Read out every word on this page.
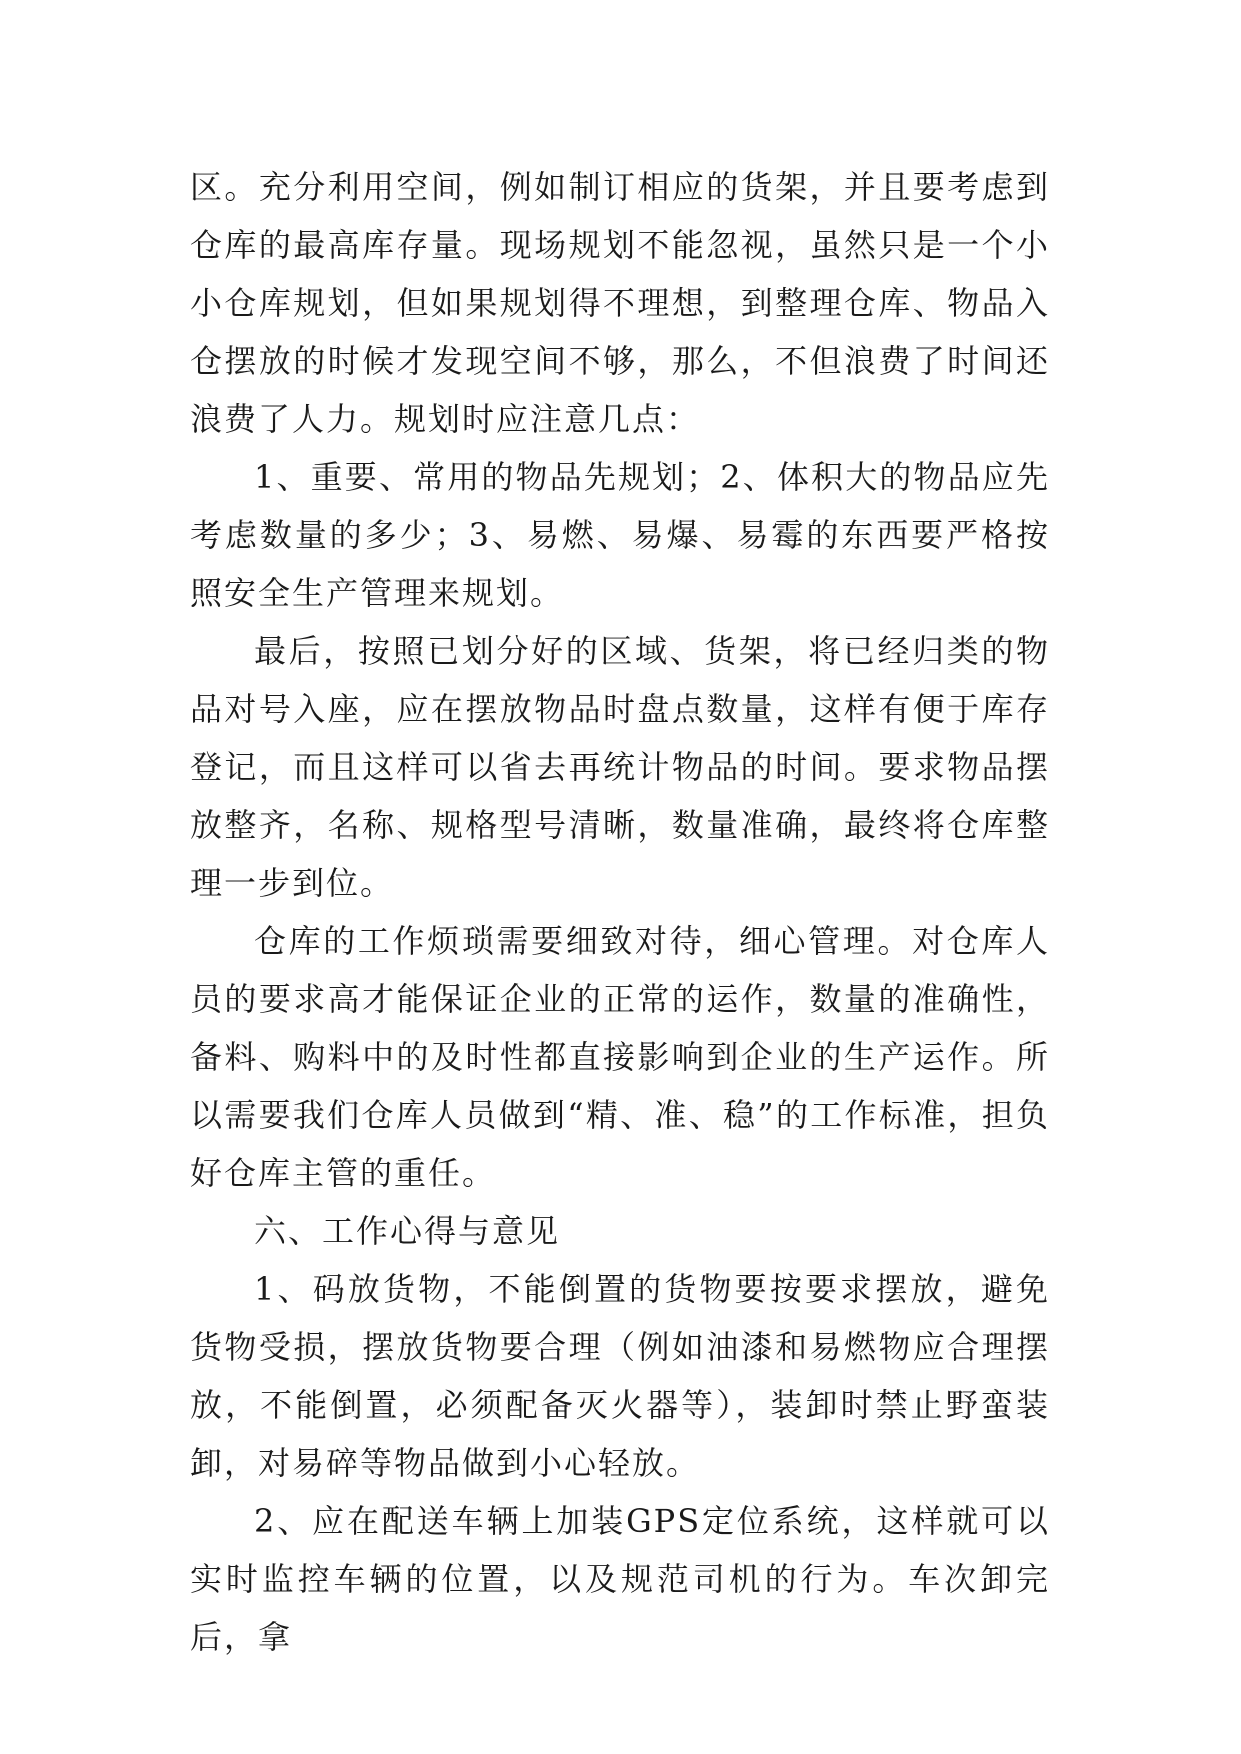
区。充分利用空间，例如制订相应的货架，并且要考虑到仓库的最高库存量。现场规划不能忽视，虽然只是一个小小仓库规划，但如果规划得不理想，到整理仓库、物品入仓摆放的时候才发现空间不够，那么，不但浪费了时间还浪费了人力。规划时应注意几点：

1、重要、常用的物品先规划；2、体积大的物品应先考虑数量的多少；3、易燃、易爆、易霉的东西要严格按照安全生产管理来规划。

最后，按照已划分好的区域、货架，将已经归类的物品对号入座，应在摆放物品时盘点数量，这样有便于库存登记，而且这样可以省去再统计物品的时间。要求物品摆放整齐，名称、规格型号清晰，数量准确，最终将仓库整理一步到位。

仓库的工作烦琐需要细致对待，细心管理。对仓库人员的要求高才能保证企业的正常的运作，数量的准确性，备料、购料中的及时性都直接影响到企业的生产运作。所以需要我们仓库人员做到“精、准、稳”的工作标准，担负好仓库主管的重任。

六、工作心得与意见

1、码放货物，不能倒置的货物要按要求摆放，避免货物受损，摆放货物要合理（例如油漆和易燃物应合理摆放，不能倒置，必须配备灭火器等），装卸时禁止野蛮装卸，对易碎等物品做到小心轻放。

2、应在配送车辆上加装GPS定位系统，这样就可以实时监控车辆的位置，以及规范司机的行为。车次卸完后，拿
